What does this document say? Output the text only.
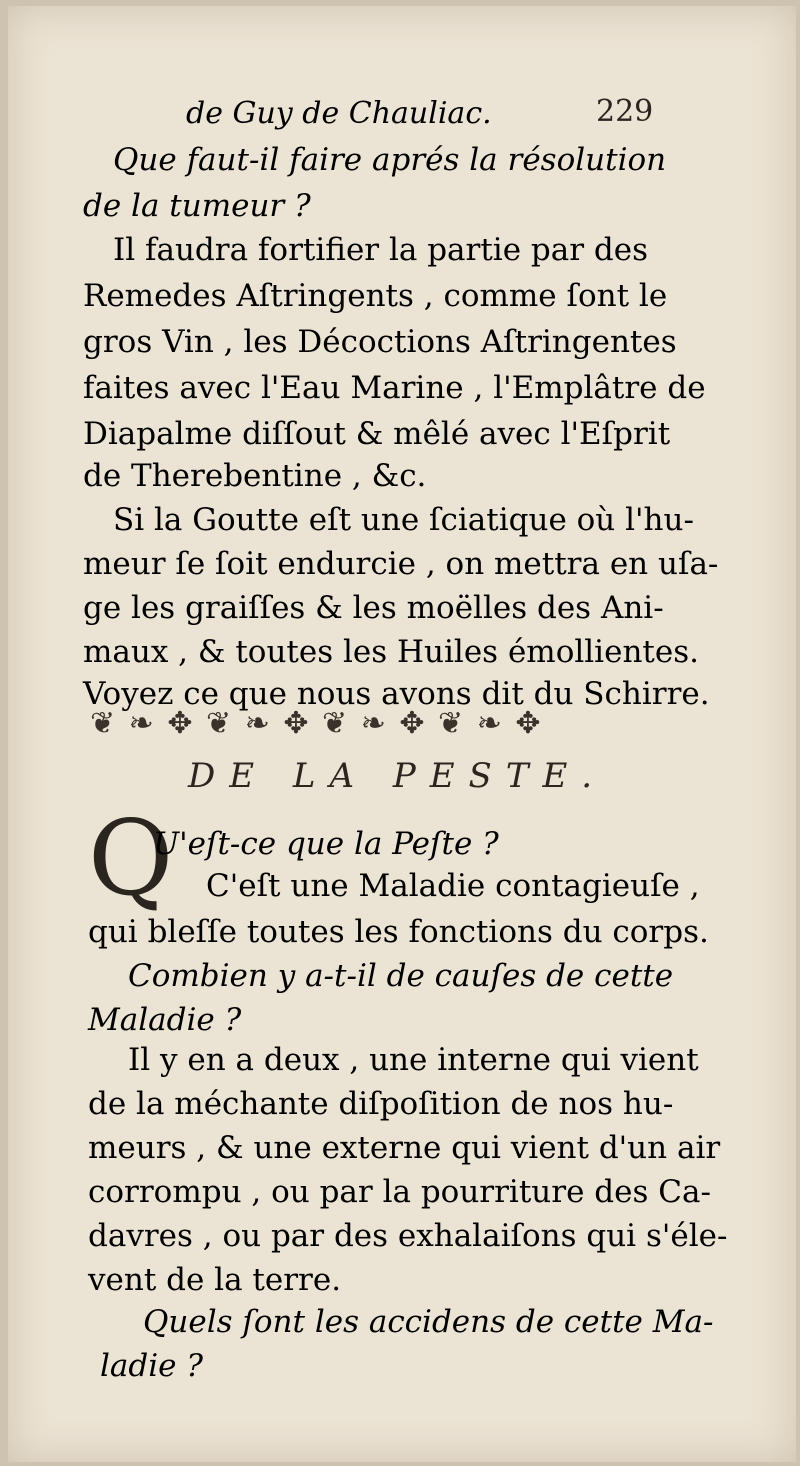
de Guy de Chauliac.	229
Que faut-il faire aprés la résolution
de la tumeur ?
Il faudra fortifier la partie par des
Remedes Aſtringents , comme ſont le
gros Vin , les Décoctions Aſtringentes
faites avec l'Eau Marine , l'Emplâtre de
Diapalme diſſout & mêlé avec l'Eſprit
de Therebentine , &c.
Si la Goutte eſt une ſciatique où l'hu-
meur ſe ſoit endurcie , on mettra en uſa-
ge les graiſſes & les moëlles des Ani-
maux , & toutes les Huiles émollientes.
Voyez ce que nous avons dit du Schirre.
❦ ❧ ✥ ❦ ❧ ✥ ❦ ❧ ✥ ❦ ❧ ✥
DE LA PESTE.
Q
U'eſt-ce que la Peſte ?
C'eſt une Maladie contagieuſe ,
qui bleſſe toutes les fonctions du corps.
Combien y a-t-il de cauſes de cette
Maladie ?
Il y en a deux , une interne qui vient
de la méchante diſpoſition de nos hu-
meurs , & une externe qui vient d'un air
corrompu , ou par la pourriture des Ca-
davres , ou par des exhalaiſons qui s'éle-
vent de la terre.
Quels ſont les accidens de cette Ma-
ladie ?
